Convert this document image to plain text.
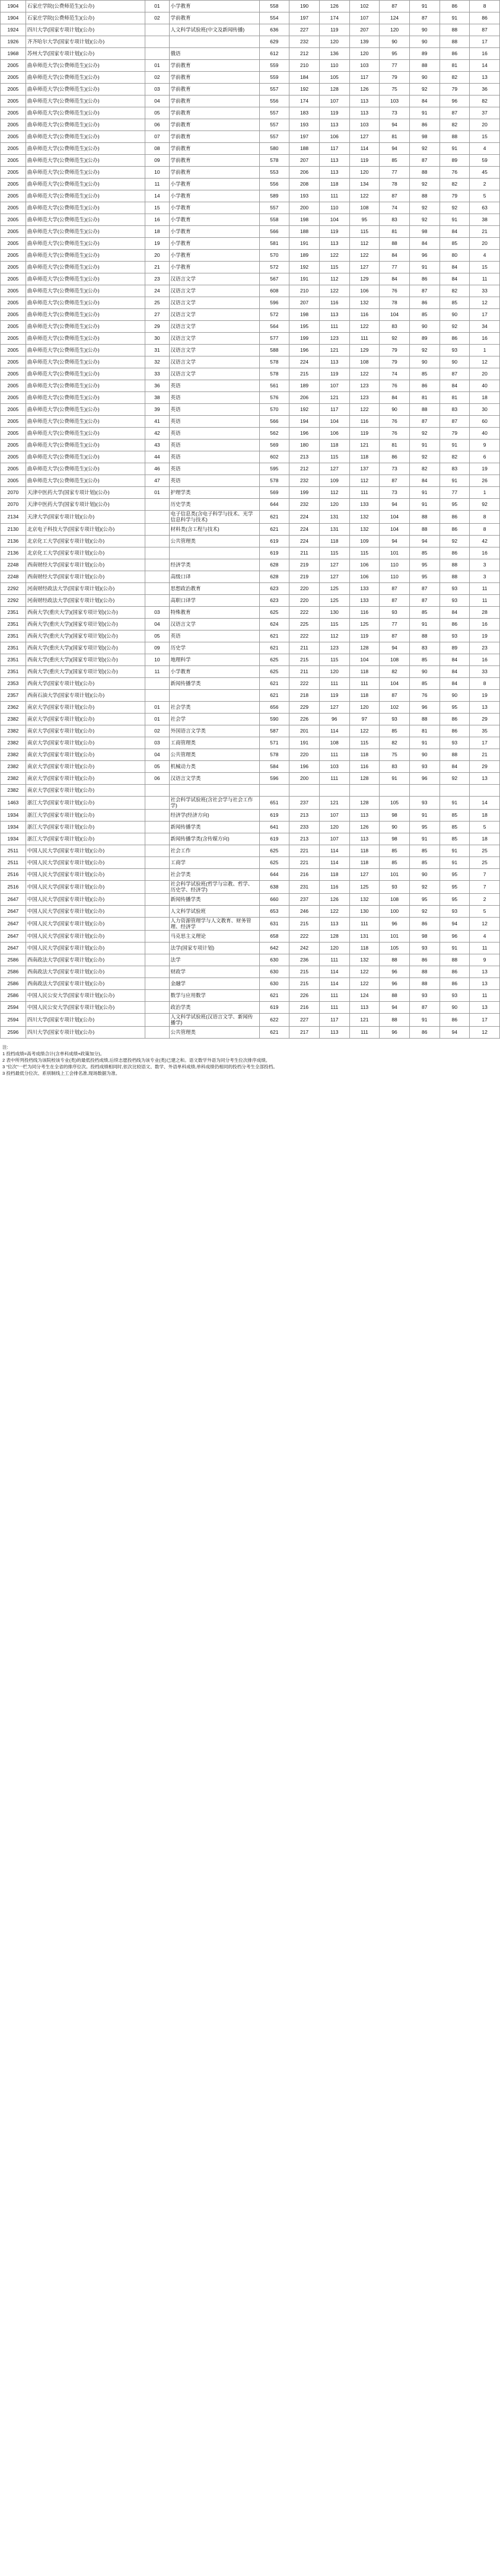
1904	石家庄学院(公费师范生)(公办)	01	小学教育	558	190	126	102	87	91	86	8
1904	石家庄学院(公费师范生)(公办)	02	学前教育	554	197	174	107	124	87	91	86
1924	四川大学(国家专项计划)(公办)		人文科学试验班(中文及新闻传播)	636	227	119	207	120	90	88	87
1926	齐齐哈尔大学(国家专项计划)(公办)			629	232	120	139	90	90	88	17
1968	苏州大学(国家专项计划)(公办)		俄语	612	212	136	120	95	89	86	16
2005	曲阜师范大学(公费师范生)(公办)	01	学前教育	559	210	110	103	77	88	81	14
2005	曲阜师范大学(公费师范生)(公办)	02	学前教育	559	184	105	117	79	90	82	13
2005	曲阜师范大学(公费师范生)(公办)	03	学前教育	557	192	128	126	75	92	79	36
2005	曲阜师范大学(公费师范生)(公办)	04	学前教育	556	174	107	113	103	84	96	82
2005	曲阜师范大学(公费师范生)(公办)	05	学前教育	557	183	119	113	73	91	87	37
2005	曲阜师范大学(公费师范生)(公办)	06	学前教育	557	193	113	103	94	86	82	20
2005	曲阜师范大学(公费师范生)(公办)	07	学前教育	557	197	106	127	81	98	88	15
2005	曲阜师范大学(公费师范生)(公办)	08	学前教育	580	188	117	114	94	92	91	4
2005	曲阜师范大学(公费师范生)(公办)	09	学前教育	578	207	113	119	85	87	89	59
2005	曲阜师范大学(公费师范生)(公办)	10	学前教育	553	206	113	120	77	88	76	45
2005	曲阜师范大学(公费师范生)(公办)	11	小学教育	556	208	118	134	78	92	82	2
2005	曲阜师范大学(公费师范生)(公办)	14	小学教育	589	193	111	122	87	88	79	5
2005	曲阜师范大学(公费师范生)(公办)	15	小学教育	557	200	110	108	74	92	92	63
2005	曲阜师范大学(公费师范生)(公办)	16	小学教育	558	198	104	95	83	92	91	38
2005	曲阜师范大学(公费师范生)(公办)	18	小学教育	566	188	119	115	81	98	84	21
2005	曲阜师范大学(公费师范生)(公办)	19	小学教育	581	191	113	112	88	84	85	20
2005	曲阜师范大学(公费师范生)(公办)	20	小学教育	570	189	122	122	84	96	80	4
2005	曲阜师范大学(公费师范生)(公办)	21	小学教育	572	192	115	127	77	91	84	15
2005	曲阜师范大学(公费师范生)(公办)	23	汉语言文学	567	191	112	129	84	86	84	11
2005	曲阜师范大学(公费师范生)(公办)	24	汉语言文学	608	210	122	106	76	87	82	33
2005	曲阜师范大学(公费师范生)(公办)	25	汉语言文学	596	207	116	132	78	86	85	12
2005	曲阜师范大学(公费师范生)(公办)	27	汉语言文学	572	198	113	116	104	85	90	17
2005	曲阜师范大学(公费师范生)(公办)	29	汉语言文学	564	195	111	122	83	90	92	34
2005	曲阜师范大学(公费师范生)(公办)	30	汉语言文学	577	199	123	111	92	89	86	16
2005	曲阜师范大学(公费师范生)(公办)	31	汉语言文学	588	196	121	129	79	92	93	1
2005	曲阜师范大学(公费师范生)(公办)	32	汉语言文学	578	224	113	108	79	90	90	12
2005	曲阜师范大学(公费师范生)(公办)	33	汉语言文学	578	215	119	122	74	85	87	20
2005	曲阜师范大学(公费师范生)(公办)	36	英语	561	189	107	123	76	86	84	40
2005	曲阜师范大学(公费师范生)(公办)	38	英语	576	206	121	123	84	81	81	18
2005	曲阜师范大学(公费师范生)(公办)	39	英语	570	192	117	122	90	88	83	30
2005	曲阜师范大学(公费师范生)(公办)	41	英语	566	194	104	116	76	87	87	60
2005	曲阜师范大学(公费师范生)(公办)	42	英语	562	196	106	119	76	92	79	40
2005	曲阜师范大学(公费师范生)(公办)	43	英语	569	180	118	121	81	91	91	9
2005	曲阜师范大学(公费师范生)(公办)	44	英语	602	213	115	118	86	92	82	6
2005	曲阜师范大学(公费师范生)(公办)	46	英语	595	212	127	137	73	82	83	19
2005	曲阜师范大学(公费师范生)(公办)	47	英语	578	232	109	112	87	84	91	26
2070	天津中医药大学(国家专项计划)(公办)	01	护理学类	569	199	112	111	73	91	77	1
2070	天津中医药大学(国家专项计划)(公办)		历史学类	644	232	120	133	94	91	95	92
2134	天津大学(国家专项计划)(公办)		电子信息类(含电子科学与技术、光学信息科学与技术)	621	224	131	132	104	88	86	8
2130	北京电子科技大学(国家专项计划)(公办)		材料类(含工程与技术)	621	224	131	132	104	88	86	8
2136	北京化工大学(国家专项计划)(公办)		公共管理类	619	224	118	109	94	94	92	42
2136	北京化工大学(国家专项计划)(公办)			619	211	115	115	101	85	86	16
2248	西南财经大学(国家专项计划)(公办)		经济学类	628	219	127	106	110	95	88	3
2248	西南财经大学(国家专项计划)(公办)		高级口译	628	219	127	106	110	95	88	3
2292	河南财经政法大学(国家专项计划)(公办)		思想政治教育	623	220	125	133	87	87	93	11
2292	河南财经政法大学(国家专项计划)(公办)		高职口译学	623	220	125	133	87	87	93	11
2351	西南大学(重庆大学)(国家专项计划)(公办)	03	特殊教育	625	222	130	116	93	85	84	28
2351	西南大学(重庆大学)(国家专项计划)(公办)	04	汉语言文学	624	225	115	125	77	91	86	16
2351	西南大学(重庆大学)(国家专项计划)(公办)	05	英语	621	222	112	119	87	88	93	19
2351	西南大学(重庆大学)(国家专项计划)(公办)	09	历史学	621	211	123	128	94	83	89	23
2351	西南大学(重庆大学)(国家专项计划)(公办)	10	地理科学	625	215	115	104	108	85	84	16
2351	西南大学(重庆大学)(国家专项计划)(公办)	11	小学教育	625	211	120	118	82	90	84	33
2353	西南大学(国家专项计划)(公办)		新闻传播学类	621	222	111	111	104	85	84	8
2357	西南石油大学(国家专项计划)(公办)			621	218	119	118	87	76	90	19
2362	南京大学(国家专项计划)(公办)	01	社会学类	656	229	127	120	102	96	95	13
2382	南京大学(国家专项计划)(公办)	01	社会学	590	226	96	97	93	88	86	29
2382	南京大学(国家专项计划)(公办)	02	外国语言文学类	587	201	114	122	85	81	86	35
2382	南京大学(国家专项计划)(公办)	03	工商管理类	571	191	108	115	82	91	93	17
2382	南京大学(国家专项计划)(公办)	04	公共管理类	578	220	111	118	75	90	88	21
2382	南京大学(国家专项计划)(公办)	05	机械动力类	584	196	103	116	83	93	84	29
2382	南京大学(国家专项计划)(公办)	06	汉语言文学类	596	200	111	128	91	96	92	13
2382	南京大学(国家专项计划)(公办)										
1463	浙江大学(国家专项计划)(公办)		社会科学试验班(含社会学与社会工作学)	651	237	121	128	105	93	91	14
1934	浙江大学(国家专项计划)(公办)		经济学(经济方向)	619	213	107	113	98	91	85	18
1934	浙江大学(国家专项计划)(公办)		新闻传播学类	641	233	120	126	90	95	85	5
1934	浙江大学(国家专项计划)(公办)		新闻传播学类(含传媒方向)	619	213	107	113	98	91	85	18
2511	中国人民大学(国家专项计划)(公办)		社会工作	625	221	114	118	85	85	91	25
2511	中国人民大学(国家专项计划)(公办)		工商学	625	221	114	118	85	85	91	25
2516	中国人民大学(国家专项计划)(公办)		社会学类	644	216	118	127	101	90	95	7
2516	中国人民大学(国家专项计划)(公办)		社会科学试验班(哲学与宗教、哲学、历史学、经济学)	638	231	116	125	93	92	95	7
2647	中国人民大学(国家专项计划)(公办)		新闻传播学类	660	237	126	132	108	95	95	2
2647	中国人民大学(国家专项计划)(公办)		人文科学试验班	653	246	122	130	100	92	93	5
2647	中国人民大学(国家专项计划)(公办)		人力资源管理学与人文教育、财务管理、经济学	631	215	113	111	96	86	94	12
2647	中国人民大学(国家专项计划)(公办)		马克思主义理论	658	222	128	131	101	98	96	4
2647	中国人民大学(国家专项计划)(公办)		法学(国家专项计划)	642	242	120	118	105	93	91	11
2586	西南政法大学(国家专项计划)(公办)		法学	630	236	111	132	88	86	88	9
2586	西南政法大学(国家专项计划)(公办)		财政学	630	215	114	122	96	88	86	13
2586	西南政法大学(国家专项计划)(公办)		金融学	630	215	114	122	96	88	86	13
2586	中国人民公安大学(国家专项计划)(公办)		数学与应用数学	621	226	111	124	88	93	93	11
2594	中国人民公安大学(国家专项计划)(公办)		政治学类	619	216	111	113	94	87	90	13
2594	四川大学(国家专项计划)(公办)		人文科学试验班(汉语言文学、新闻传播学)	622	227	117	121	88	91	86	17
2596	四川大学(国家专项计划)(公办)		公共管理类	621	217	113	111	96	86	94	12
注:
1 投档成绩=高考成绩合计(含单科成绩+政策加分)。
2 表中所列投档线为该院校该专业(类)的最低投档成绩,后续志愿投档线为该专业(类)已建之和。语文数学外语为同分考生位次排序成绩。
3 "位次"一栏为同分考生在全省的排序位次。投档成绩相同时,依次比较语文、数学、外语单科成绩,单科成绩仍相同的投档分考生全部投档。
3 投档最低分位次、系别制线上工会排名准,现场数据为准。
